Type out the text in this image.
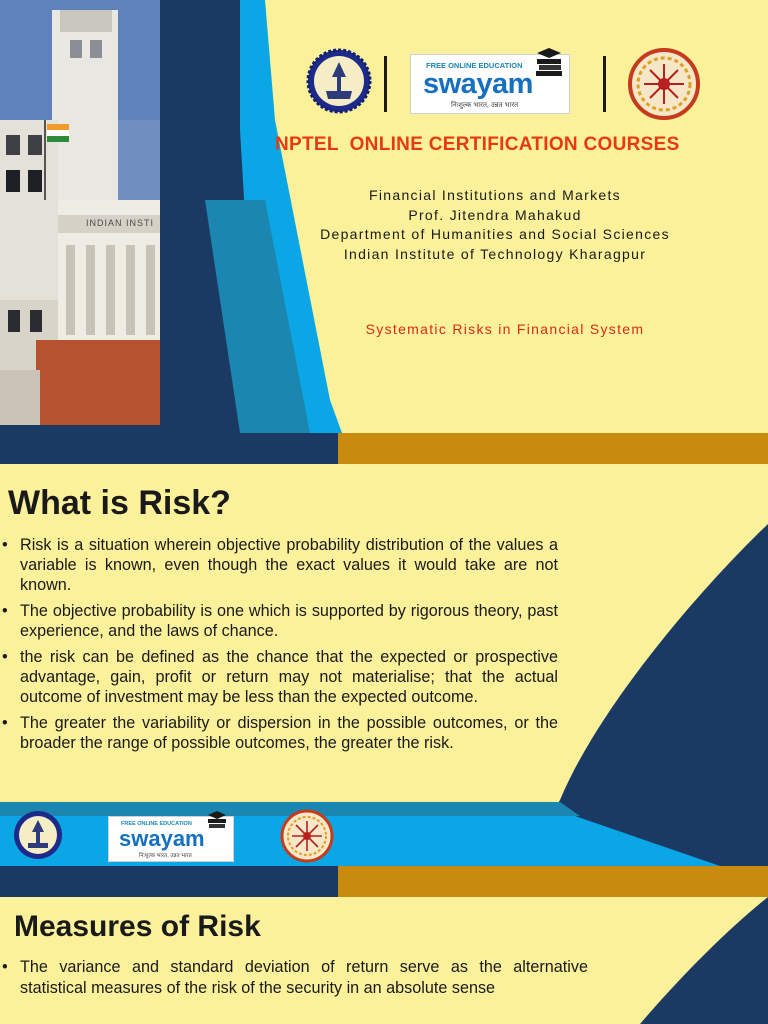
INDIAN INSTI
FREE ONLINE EDUCATION
swayam
निःशुल्क भारत, उन्नत भारत
NPTEL  ONLINE CERTIFICATION COURSES
Financial Institutions and Markets
Prof. Jitendra Mahakud
Department of Humanities and Social Sciences
Indian Institute of Technology Kharagpur
Systematic Risks in Financial System
What is Risk?
• Risk is a situation wherein objective probability distribution of the values a variable is known, even though the exact values it would take are not known.
• The objective probability is one which is supported by rigorous theory, past experience, and the laws of chance.
• the risk can be defined as the chance that the expected or prospective advantage, gain, profit or return may not materialise; that the actual outcome of investment may be less than the expected outcome.
• The greater the variability or dispersion in the possible outcomes, or the broader the range of possible outcomes, the greater the risk.
FREE ONLINE EDUCATION
swayam
निःशुल्क भारत, उन्नत भारत
Measures of Risk
• The variance and standard deviation of return serve as the alternative statistical measures of the risk of the security in an absolute sense
